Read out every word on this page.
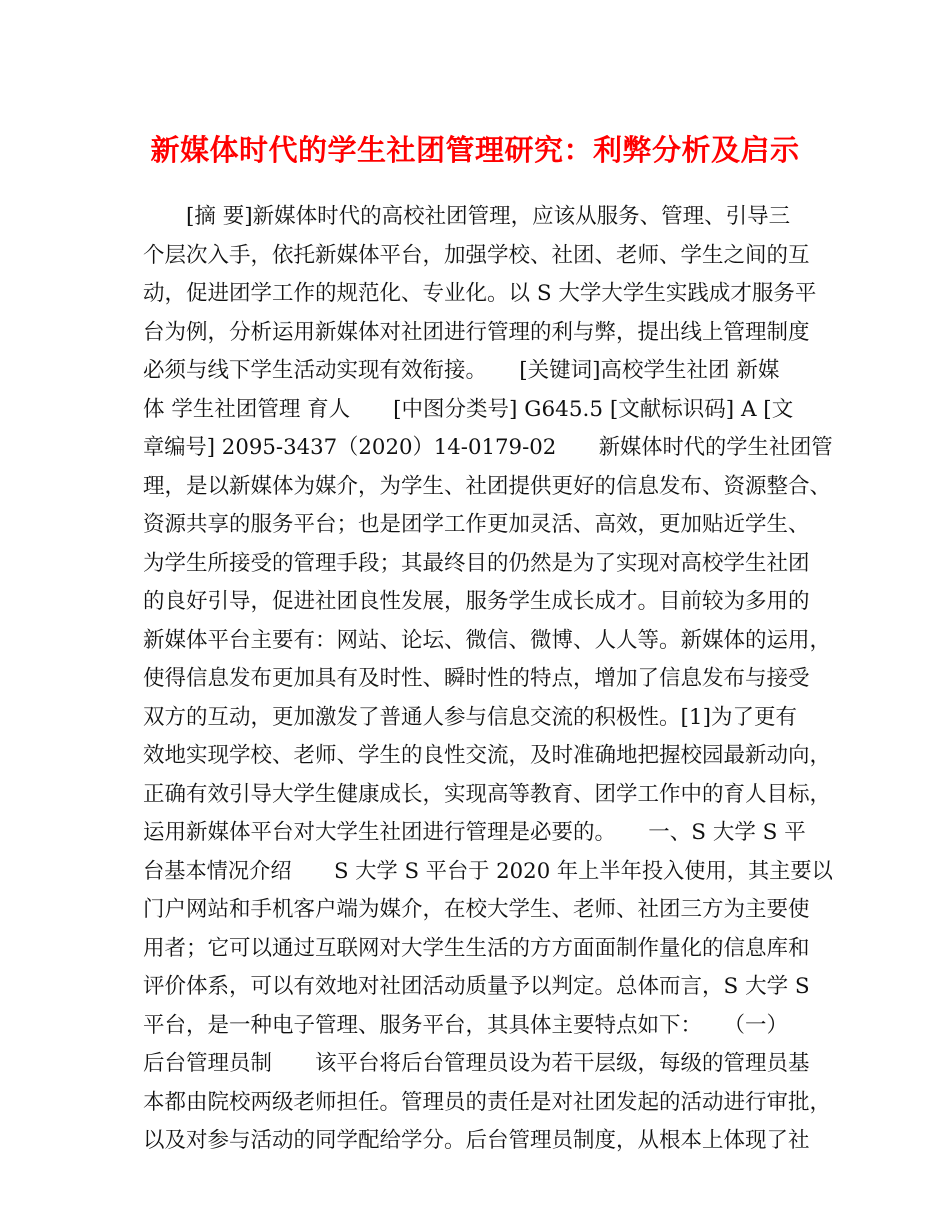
新媒体时代的学生社团管理研究：利弊分析及启示
　　[摘 要]新媒体时代的高校社团管理，应该从服务、管理、引导三
个层次入手，依托新媒体平台，加强学校、社团、老师、学生之间的互
动，促进团学工作的规范化、专业化。以 S 大学大学生实践成才服务平
台为例，分析运用新媒体对社团进行管理的利与弊，提出线上管理制度
必须与线下学生活动实现有效衔接。　　[关键词]高校学生社团 新媒
体 学生社团管理 育人　　[中图分类号] G645.5 [文献标识码] A [文
章编号] 2095-3437（2020）14-0179-02　　新媒体时代的学生社团管
理，是以新媒体为媒介，为学生、社团提供更好的信息发布、资源整合、
资源共享的服务平台；也是团学工作更加灵活、高效，更加贴近学生、
为学生所接受的管理手段；其最终目的仍然是为了实现对高校学生社团
的良好引导，促进社团良性发展，服务学生成长成才。目前较为多用的
新媒体平台主要有：网站、论坛、微信、微博、人人等。新媒体的运用，
使得信息发布更加具有及时性、瞬时性的特点，增加了信息发布与接受
双方的互动，更加激发了普通人参与信息交流的积极性。[1]为了更有
效地实现学校、老师、学生的良性交流，及时准确地把握校园最新动向，
正确有效引导大学生健康成长，实现高等教育、团学工作中的育人目标，
运用新媒体平台对大学生社团进行管理是必要的。　　一、S 大学 S 平
台基本情况介绍　　S 大学 S 平台于 2020 年上半年投入使用，其主要以
门户网站和手机客户端为媒介，在校大学生、老师、社团三方为主要使
用者；它可以通过互联网对大学生生活的方方面面制作量化的信息库和
评价体系，可以有效地对社团活动质量予以判定。总体而言，S 大学 S
平台，是一种电子管理、服务平台，其具体主要特点如下：　　（一）
后台管理员制　　该平台将后台管理员设为若干层级，每级的管理员基
本都由院校两级老师担任。管理员的责任是对社团发起的活动进行审批，
以及对参与活动的同学配给学分。后台管理员制度，从根本上体现了社
